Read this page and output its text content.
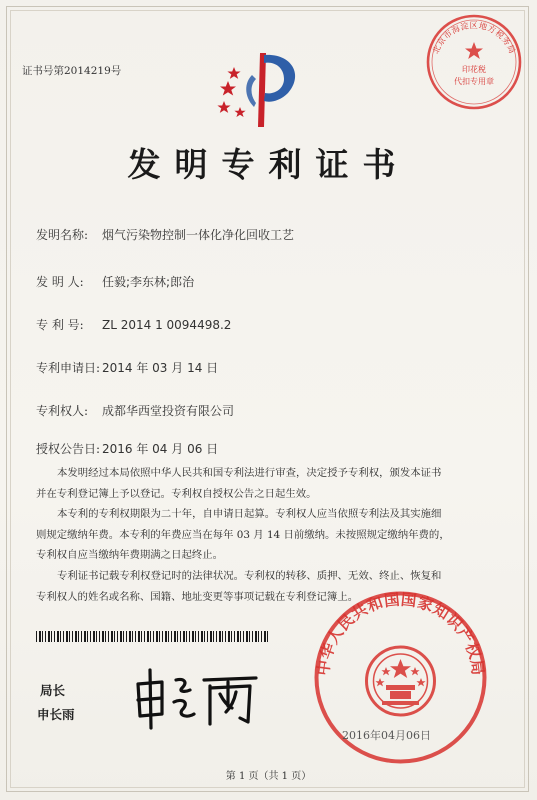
证书号第2014219号
北京市海淀区地方税务局
印花税
代扣专用章
发明专利证书
发明名称: 烟气污染物控制一体化净化回收工艺
发 明 人: 任毅;李东林;郎治
专 利 号: ZL 2014 1 0094498.2
专利申请日: 2014 年 03 月 14 日
专利权人: 成都华西堂投资有限公司
授权公告日: 2016 年 04 月 06 日

本发明经过本局依照中华人民共和国专利法进行审查，决定授予专利权，颁发本证书

并在专利登记簿上予以登记。专利权自授权公告之日起生效。

本专利的专利权期限为二十年，自申请日起算。专利权人应当依照专利法及其实施细

则规定缴纳年费。本专利的年费应当在每年 03 月 14 日前缴纳。未按照规定缴纳年费的，

专利权自应当缴纳年费期满之日起终止。

专利证书记载专利权登记时的法律状况。专利权的转移、质押、无效、终止、恢复和

专利权人的姓名或名称、国籍、地址变更等事项记载在专利登记簿上。

局长
申长雨
中华人民共和国国家知识产权局
2016年04月06日
第 1 页（共 1 页）
